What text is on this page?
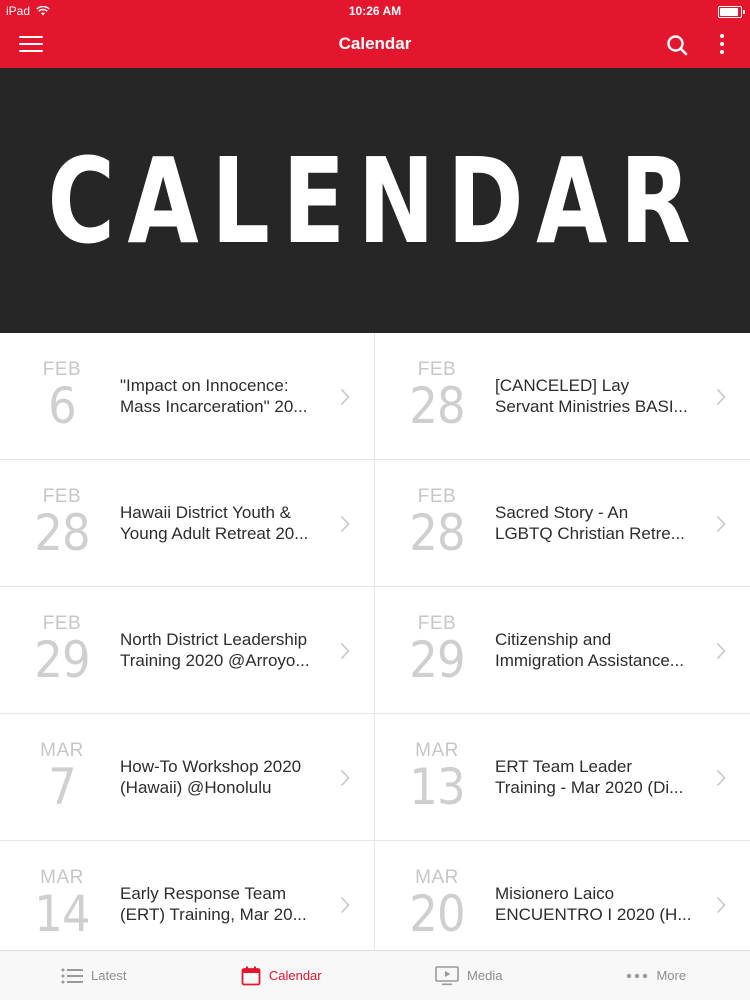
iPad	10:26 AM
Calendar
CALENDAR
FEB
6	"Impact on Innocence:
Mass Incarceration" 20...
FEB
28	[CANCELED] Lay
Servant Ministries BASI...
FEB
28	Hawaii District Youth &
Young Adult Retreat 20...
FEB
28	Sacred Story - An
LGBTQ Christian Retre...
FEB
29	North District Leadership
Training 2020 @Arroyo...
FEB
29	Citizenship and
Immigration Assistance...
MAR
7	How-To Workshop 2020
(Hawaii) @Honolulu
MAR
13	ERT Team Leader
Training - Mar 2020 (Di...
MAR
14	Early Response Team
(ERT) Training, Mar 20...
MAR
20	Misionero Laico
ENCUENTRO I 2020 (H...
Latest	Calendar	Media	More
